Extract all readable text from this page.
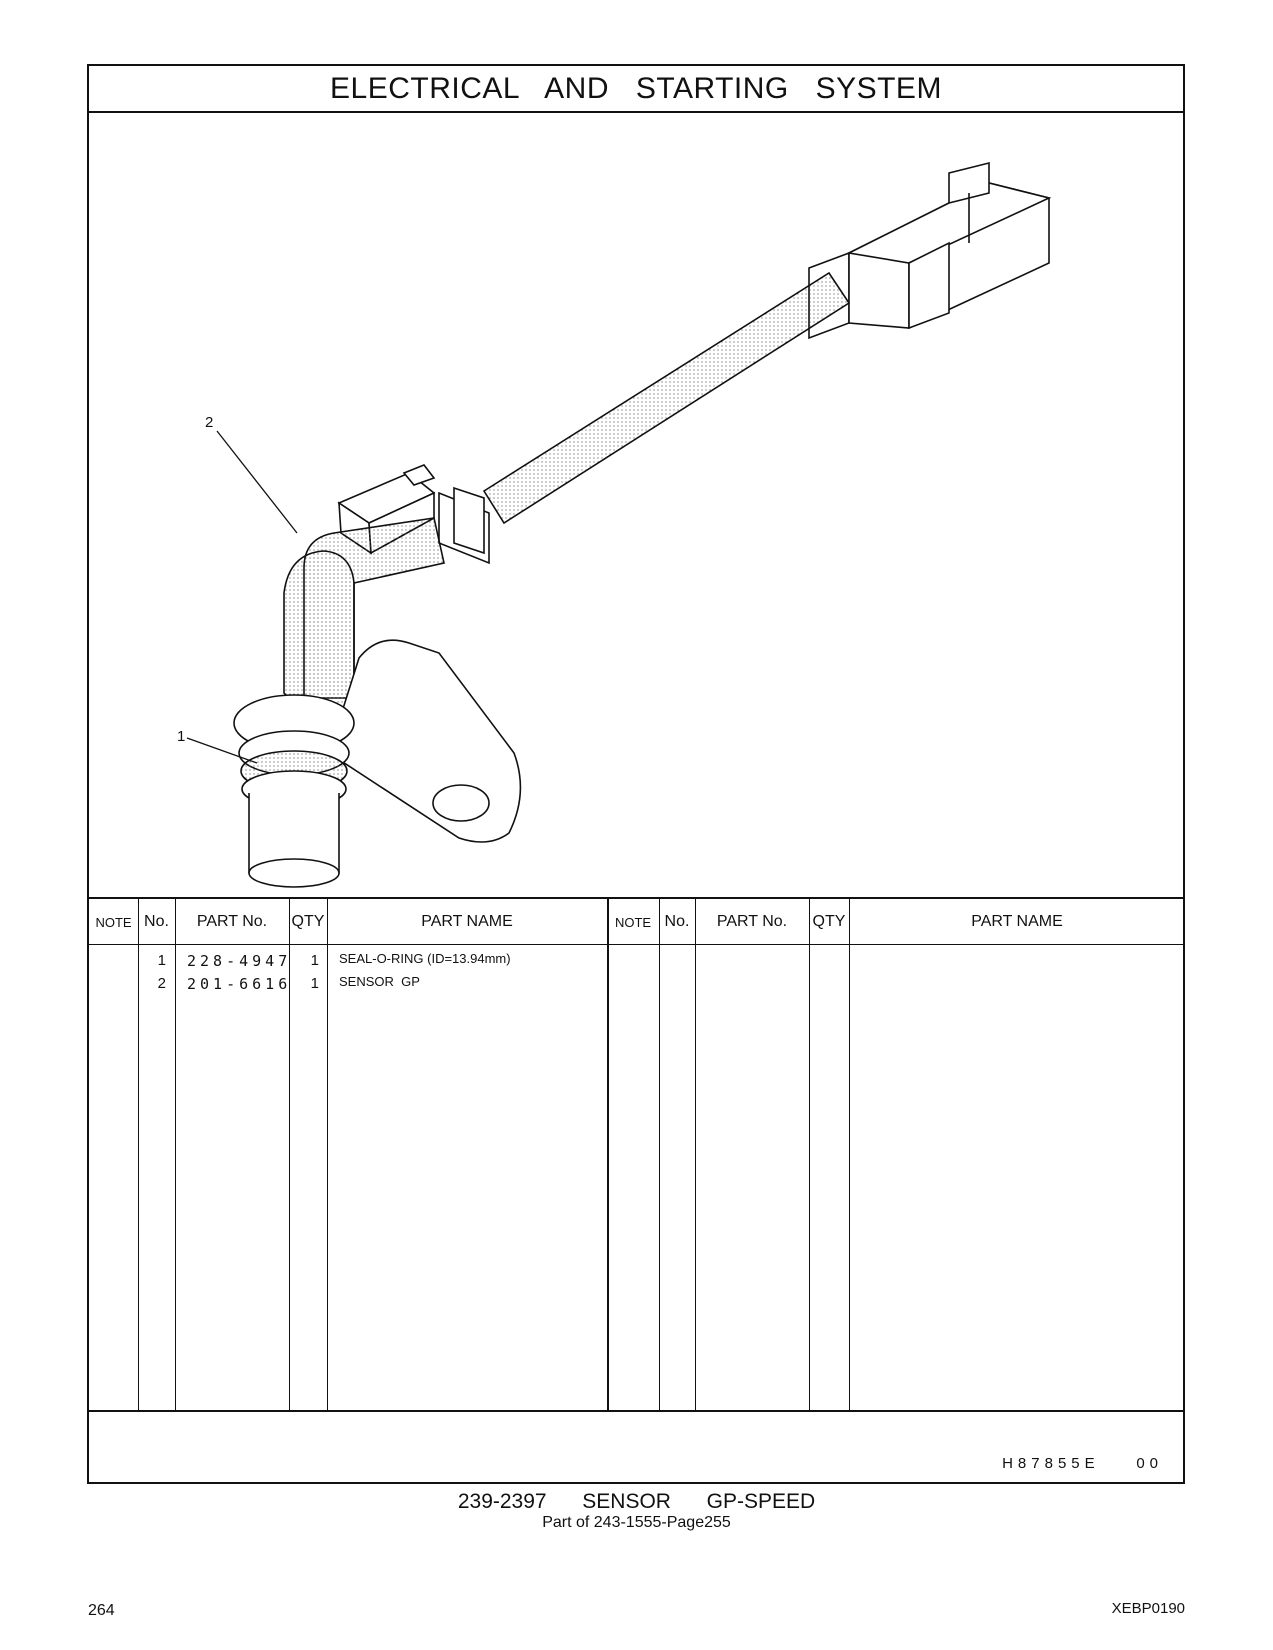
ELECTRICAL AND STARTING SYSTEM
2
1
NOTE No.	PART No.	QTY	PART NAME	NOTE No.	PART No.	QTY	PART NAME
1 228-4947	1 SEAL-O-RING (ID=13.94mm)
2 201-6616	1 SENSOR  GP
H87855E    00
239-2397  SENSOR  GP-SPEED
Part of 243-1555-Page255
264	XEBP0190
